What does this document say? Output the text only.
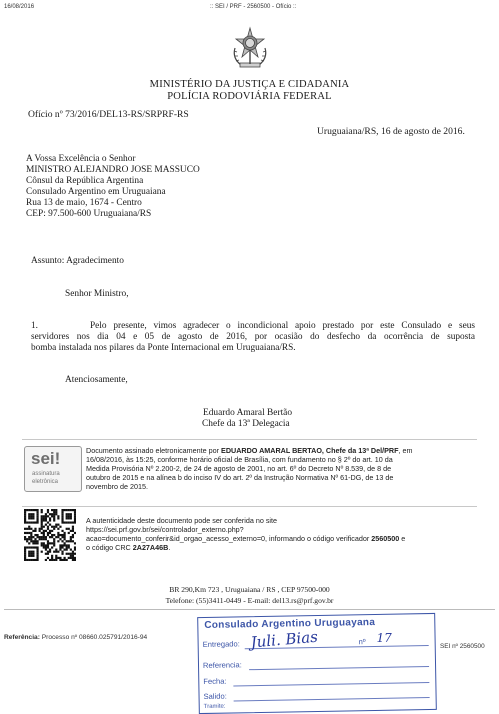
16/08/2016	:: SEI / PRF - 2560500 - Ofício ::
MINISTÉRIO DA JUSTIÇA E CIDADANIA
POLÍCIA RODOVIÁRIA FEDERAL
Ofício nº 73/2016/DEL13-RS/SRPRF-RS
Uruguaiana/RS, 16 de agosto de 2016.
A Vossa Excelência o Senhor
MINISTRO ALEJANDRO JOSE MASSUCO
Cônsul da República Argentina
Consulado Argentino em Uruguaiana
Rua 13 de maio, 1674 - Centro
CEP: 97.500-600 Uruguaiana/RS
Assunto: Agradecimento
Senhor Ministro,
1.	Pelo presente, vimos agradecer o incondicional apoio prestado por este Consulado e seus
servidores nos dia 04 e 05 de agosto de 2016, por ocasião do desfecho da ocorrência de suposta
bomba instalada nos pilares da Ponte Internacional em Uruguaiana/RS.
Atenciosamente,
Eduardo Amaral Bertão
Chefe da 13ª Delegacia
sei!
assinatura
eletrônica
Documento assinado eletronicamente por EDUARDO AMARAL BERTAO, Chefe da 13ª Del/PRF, em
16/08/2016, às 15:25, conforme horário oficial de Brasília, com fundamento no § 2º do art. 10 da
Medida Provisória Nº 2.200-2, de 24 de agosto de 2001, no art. 6º do Decreto Nº 8.539, de 8 de
outubro de 2015 e na alínea b do inciso IV do art. 2º da Instrução Normativa Nº 61-DG, de 13 de
novembro de 2015.
A autenticidade deste documento pode ser conferida no site
https://sei.prf.gov.br/sei/controlador_externo.php?
acao=documento_conferir&id_orgao_acesso_externo=0, informando o código verificador 2560500 e
o código CRC 2A27A46B.
BR 290,Km 723 , Uruguaiana / RS , CEP 97500-000
Telefone: (55)3411-0449 - E-mail: del13.rs@prf.gov.br
Referência: Processo nº 08660.025791/2016-94
SEI nº 2560500
Consulado Argentino Uruguayana
Entregado: Juli. Bias	nº 17
Referencia:
Fecha:
Salido:
Tramite:
